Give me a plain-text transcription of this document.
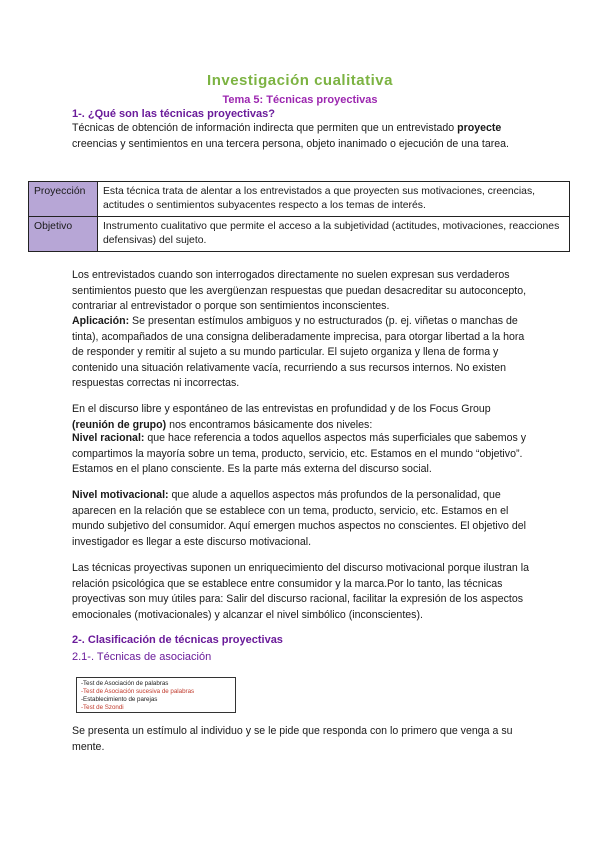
Investigación cualitativa
Tema 5: Técnicas proyectivas
1-. ¿Qué son las técnicas proyectivas?
Técnicas de obtención de información indirecta que permiten que un entrevistado proyecte creencias y sentimientos en una tercera persona, objeto inanimado o ejecución de una tarea.
Proyección	Esta técnica trata de alentar a los entrevistados a que proyecten sus motivaciones, creencias, actitudes o sentimientos subyacentes respecto a los temas de interés.
Objetivo	Instrumento cualitativo que permite el acceso a la subjetividad (actitudes, motivaciones, reacciones defensivas) del sujeto.
Los entrevistados cuando son interrogados directamente no suelen expresan sus verdaderos sentimientos puesto que les avergüenzan respuestas que puedan desacreditar su autoconcepto, contrariar al entrevistador o porque son sentimientos inconscientes.
Aplicación: Se presentan estímulos ambiguos y no estructurados (p. ej. viñetas o manchas de tinta), acompañados de una consigna deliberadamente imprecisa, para otorgar libertad a la hora de responder y remitir al sujeto a su mundo particular. El sujeto organiza y llena de forma y contenido una situación relativamente vacía, recurriendo a sus recursos internos. No existen respuestas correctas ni incorrectas.
En el discurso libre y espontáneo de las entrevistas en profundidad y de los Focus Group (reunión de grupo) nos encontramos básicamente dos niveles:
Nivel racional: que hace referencia a todos aquellos aspectos más superficiales que sabemos y compartimos la mayoría sobre un tema, producto, servicio, etc. Estamos en el mundo “objetivo”. Estamos en el plano consciente. Es la parte más externa del discurso social.
Nivel motivacional: que alude a aquellos aspectos más profundos de la personalidad, que aparecen en la relación que se establece con un tema, producto, servicio, etc. Estamos en el mundo subjetivo del consumidor. Aquí emergen muchos aspectos no conscientes. El objetivo del investigador es llegar a este discurso motivacional.
Las técnicas proyectivas suponen un enriquecimiento del discurso motivacional porque ilustran la relación psicológica que se establece entre consumidor y la marca.Por lo tanto, las técnicas proyectivas son muy útiles para: Salir del discurso racional, facilitar la expresión de los aspectos emocionales (motivacionales) y alcanzar el nivel simbólico (inconscientes).
2-. Clasificación de técnicas proyectivas
2.1-. Técnicas de asociación
-Test de Asociación de palabras
-Test de Asociación sucesiva de palabras
-Establecimiento de parejas
-Test de Szondi
Se presenta un estímulo al individuo y se le pide que responda con lo primero que venga a su mente.
